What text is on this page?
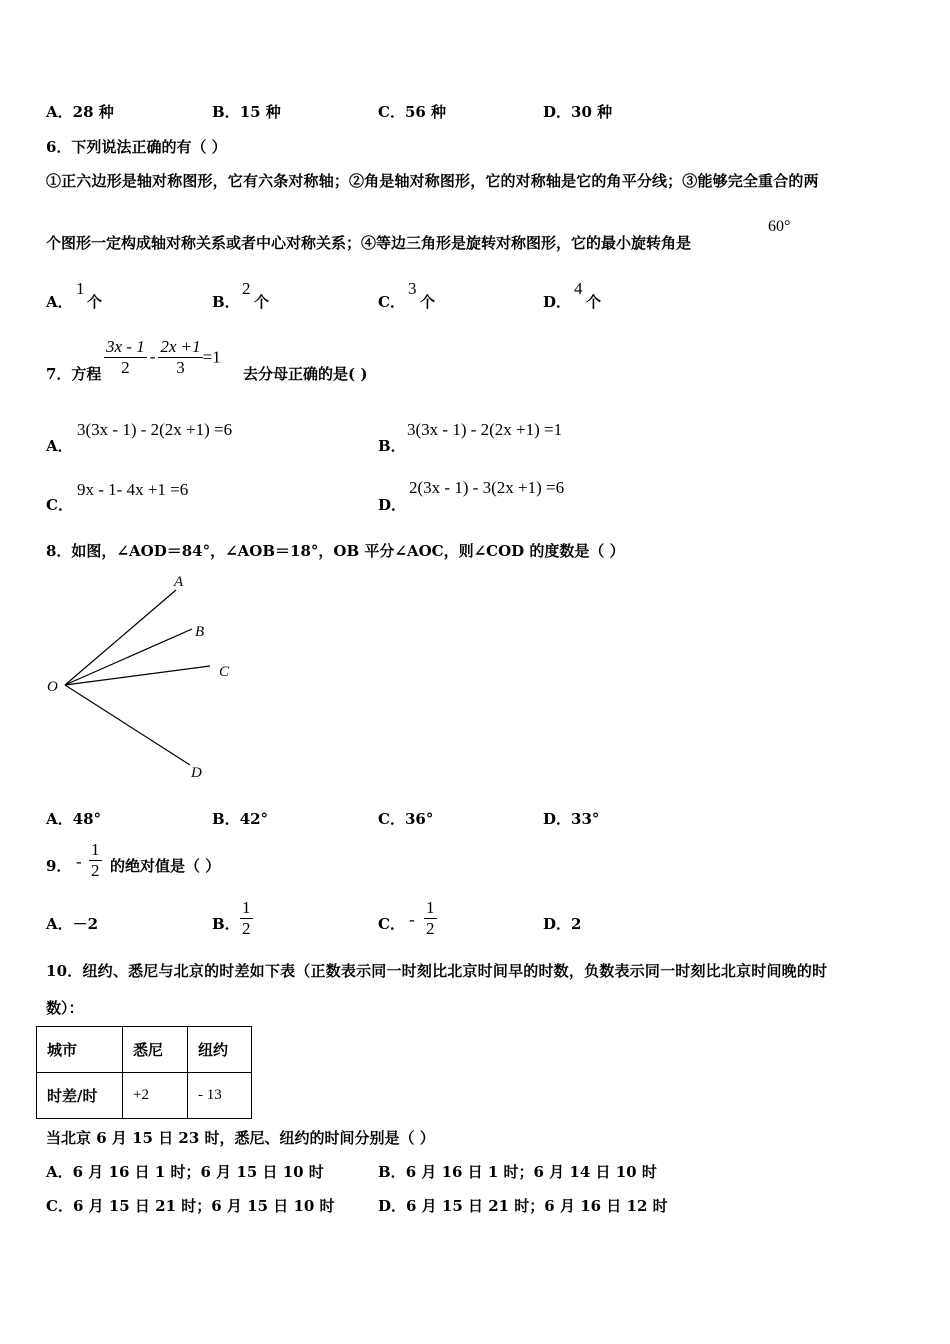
A．28 种	B．15 种	C．56 种	D．30 种
6．下列说法正确的有（ ）
①正六边形是轴对称图形，它有六条对称轴；②角是轴对称图形，它的对称轴是它的角平分线；③能够完全重合的两
个图形一定构成轴对称关系或者中心对称关系；④等边三角形是旋转对称图形，它的最小旋转角是
60°
A．
1
个	B．
2
个	C．
3
个	D．
4
个
7．方程 $\frac{3x - 1}{2} - \frac{2x +1}{3} =1$
去分母正确的是( )
A．
3(3x - 1) - 2(2x +1) =6
B．
3(3x - 1) - 2(2x +1) =1
C．
9x - 1- 4x +1 =6
D．
2(3x - 1) - 3(2x +1) =6
8．如图，∠AOD＝84°，∠AOB＝18°，OB 平分∠AOC，则∠COD 的度数是（ ）
A
B
C
D
O
A．48°	B．42°	C．36°	D．33°
9． - $\frac{1}{2}$ 的绝对值是（ ）
A．－2	B． $\frac{1}{2}$	C． - $\frac{1}{2}$	D．2
10．纽约、悉尼与北京的时差如下表（正数表示同一时刻比北京时间早的时数，负数表示同一时刻比北京时间晚的时
数）：
城市	悉尼	纽约
时差/时	+2	- 13
当北京 6 月 15 日 23 时，悉尼、纽约的时间分别是（ ）
A．6 月 16 日 1 时；6 月 15 日 10 时	B．6 月 16 日 1 时；6 月 14 日 10 时
C．6 月 15 日 21 时；6 月 15 日 10 时	D．6 月 15 日 21 时；6 月 16 日 12 时
